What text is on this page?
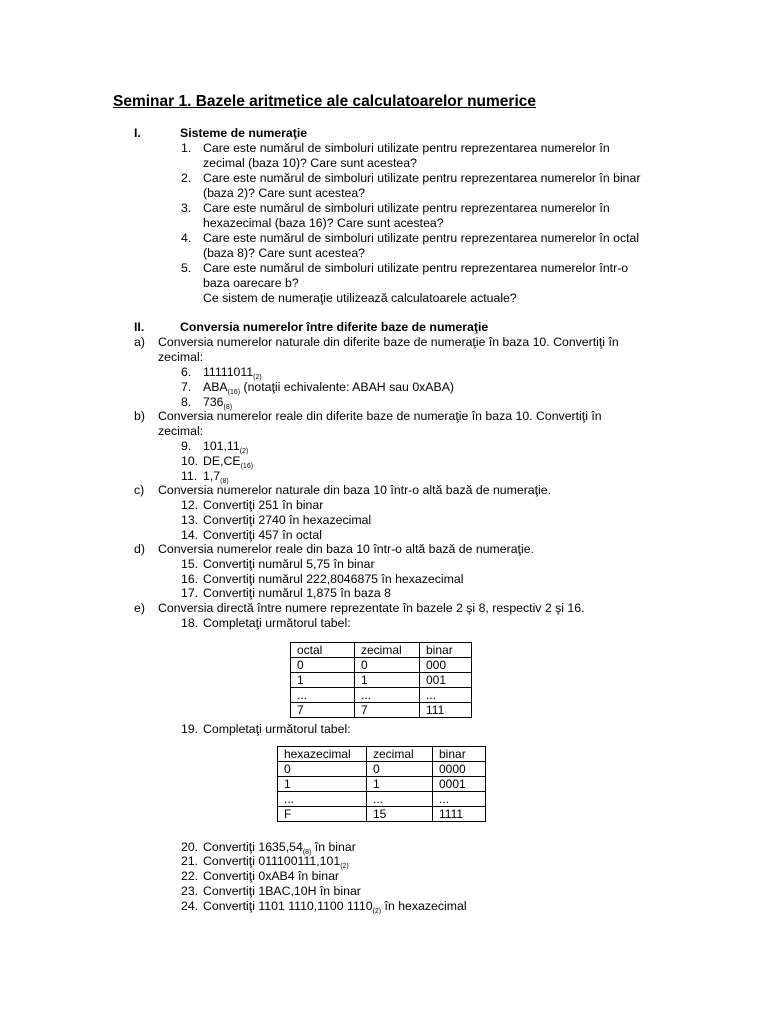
Seminar 1. Bazele aritmetice ale calculatoarelor numerice
I.	Sisteme de numeraţie
1. Care este numărul de simboluri utilizate pentru reprezentarea numerelor în
zecimal (baza 10)? Care sunt acestea?
2. Care este numărul de simboluri utilizate pentru reprezentarea numerelor în binar
(baza 2)? Care sunt acestea?
3. Care este numărul de simboluri utilizate pentru reprezentarea numerelor în
hexazecimal (baza 16)? Care sunt acestea?
4. Care este numărul de simboluri utilizate pentru reprezentarea numerelor în octal
(baza 8)? Care sunt acestea?
5. Care este numărul de simboluri utilizate pentru reprezentarea numerelor într-o
baza oarecare b?
Ce sistem de numeraţie utilizează calculatoarele actuale?
II.	Conversia numerelor între diferite baze de numeraţie
a) Conversia numerelor naturale din diferite baze de numeraţie în baza 10. Convertiţi în
zecimal:
6. $11111011_{(2)}$
7. $ABA_{(16)}$ (notaţii echivalente: ABAH sau 0xABA)
8. $736_{(8)}$
b) Conversia numerelor reale din diferite baze de numeraţie în baza 10. Convertiţi în
zecimal:
9. $101,11_{(2)}$
10. $DE,CE_{(16)}$
11. $1,7_{(8)}$
c) Conversia numerelor naturale din baza 10 într-o altă bază de numeraţie.
12. Convertiţi 251 în binar
13. Convertiţi 2740 în hexazecimal
14. Convertiţi 457 în octal
d) Conversia numerelor reale din baza 10 într-o altă bază de numeraţie.
15. Convertiţi numărul 5,75 în binar
16. Convertiţi numărul 222,8046875 în hexazecimal
17. Convertiţi numărul 1,875 în baza 8
e) Conversia directă între numere reprezentate în bazele 2 şi 8, respectiv 2 şi 16.
18. Completaţi următorul tabel:
octal	zecimal	binar
0	0	000
1	1	001
...	...	...
7	7	111
19. Completaţi următorul tabel:
hexazecimal	zecimal	binar
0	0	0000
1	1	0001
...	...	...
F	15	1111
20. Convertiţi $1635,54_{(8)}$ în binar
21. Convertiţi $011100111,101_{(2)}$
22. Convertiţi 0xAB4 în binar
23. Convertiţi 1BAC,10H în binar
24. Convertiţi 1101 1110,1100 $1110_{(2)}$ în hexazecimal
